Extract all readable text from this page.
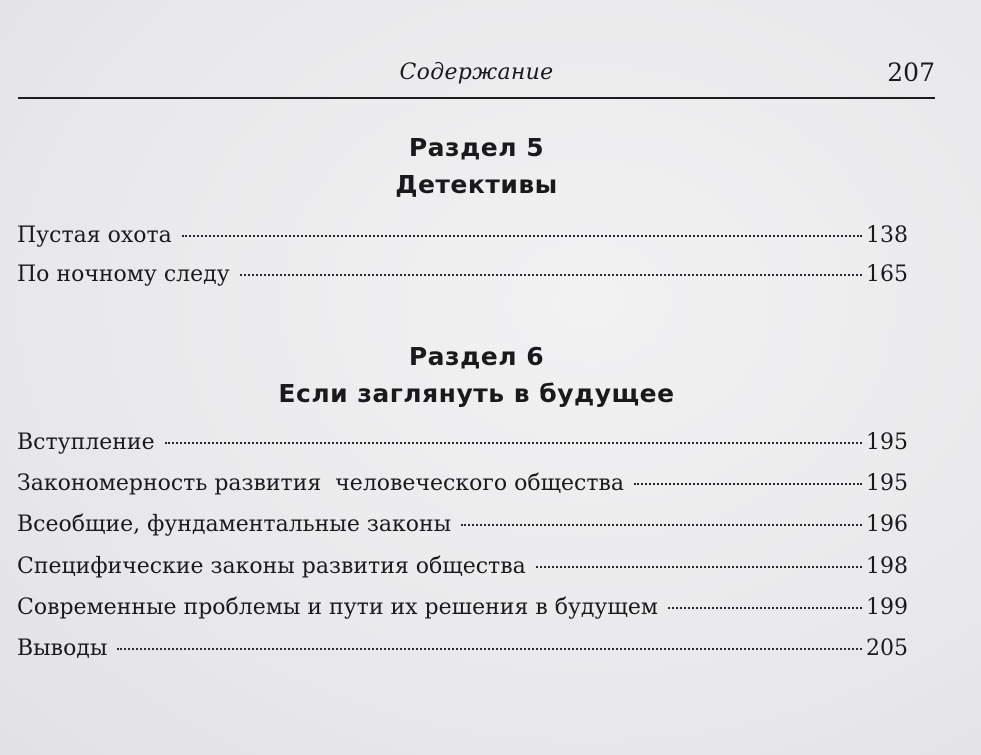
Содержание	207
Раздел 5
Детективы
Пустая охота	138
По ночному следу	165
Раздел 6
Если заглянуть в будущее
Вступление	195
Закономерность развития  человеческого общества	195
Всеобщие, фундаментальные законы	196
Специфические законы развития общества	198
Современные проблемы и пути их решения в будущем	199
Выводы	205
